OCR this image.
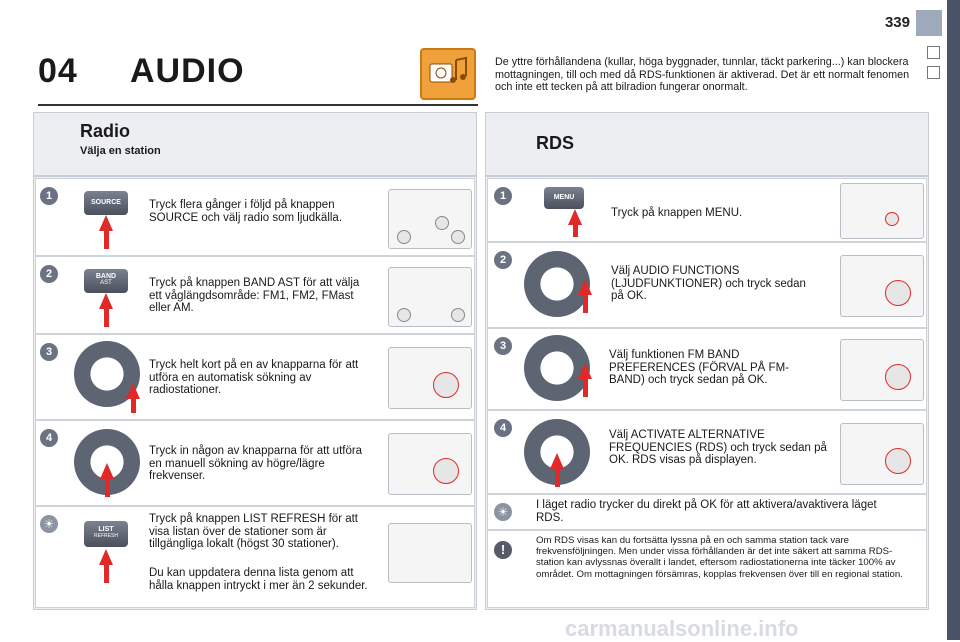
339
04 AUDIO	De yttre förhållandena (kullar, höga byggnader, tunnlar, täckt parkering...) kan blockera mottagningen, till och med då RDS-funktionen är aktiverad. Det är ett normalt fenomen och inte ett tecken på att bilradion fungerar onormalt.
Radio
Välja en station
1
SOURCE	Tryck flera gånger i följd på knappen SOURCE och välj radio som ljudkälla.
2	BAND
AST	Tryck på knappen BAND AST för att välja ett våglängdsområde: FM1, FM2, FMast eller AM.
3
Tryck helt kort på en av knapparna för att utföra en automatisk sökning av radiostationer.
4
Tryck in någon av knapparna för att utföra en manuell sökning av högre/lägre frekvenser.
☀	LIST
REFRESH
Tryck på knappen LIST REFRESH för att visa listan över de stationer som är tillgängliga lokalt (högst 30 stationer).
Du kan uppdatera denna lista genom att hålla knappen intryckt i mer än 2 sekunder.
RDS
1	MENU
Tryck på knappen MENU.
2
Välj AUDIO FUNCTIONS (LJUDFUNKTIONER) och tryck sedan på OK.
3
Välj funktionen FM BAND PREFERENCES (FÖRVAL PÅ FM-BAND) och tryck sedan på OK.
4
Välj ACTIVATE ALTERNATIVE FREQUENCIES (RDS) och tryck sedan på OK. RDS visas på displayen.
☀	I läget radio trycker du direkt på OK för att aktivera/avaktivera läget RDS.
!
Om RDS visas kan du fortsätta lyssna på en och samma station tack vare frekvensföljningen. Men under vissa förhållanden är det inte säkert att samma RDS-station kan avlyssnas överallt i landet, eftersom radiostationerna inte täcker 100% av området. Om mottagningen försämras, kopplas frekvensen över till en regional station.
carmanualsonline.info
